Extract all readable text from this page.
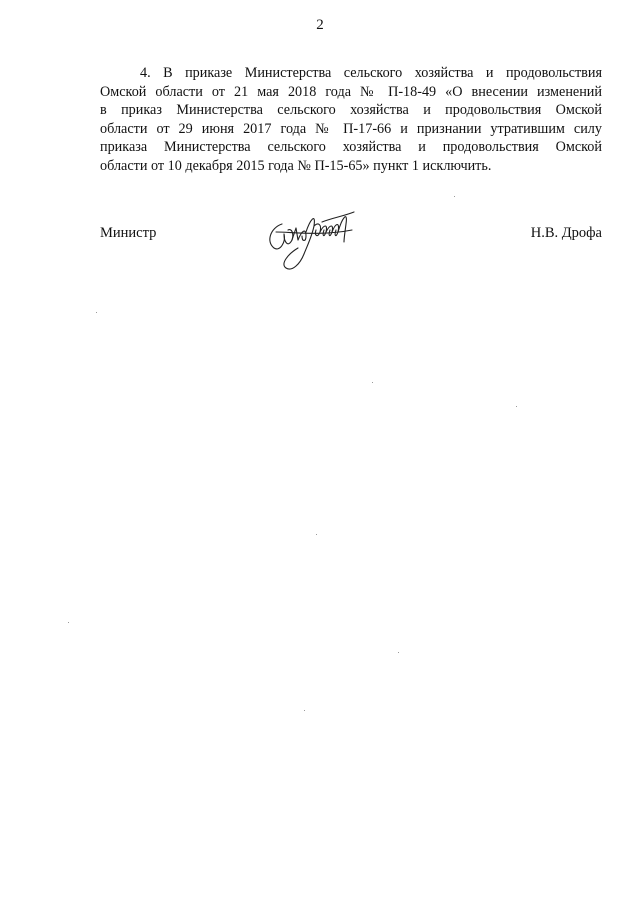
2
4. В приказе Министерства сельского хозяйства и продовольствия
Омской области от 21 мая 2018 года № П-18-49 «О внесении изменений
в приказ Министерства сельского хозяйства и продовольствия Омской
области от 29 июня 2017 года № П-17-66 и признании утратившим силу
приказа Министерства сельского хозяйства и продовольствия Омской
области от 10 декабря 2015 года № П-15-65» пункт 1 исключить.
Министр	Н.В. Дрофа
